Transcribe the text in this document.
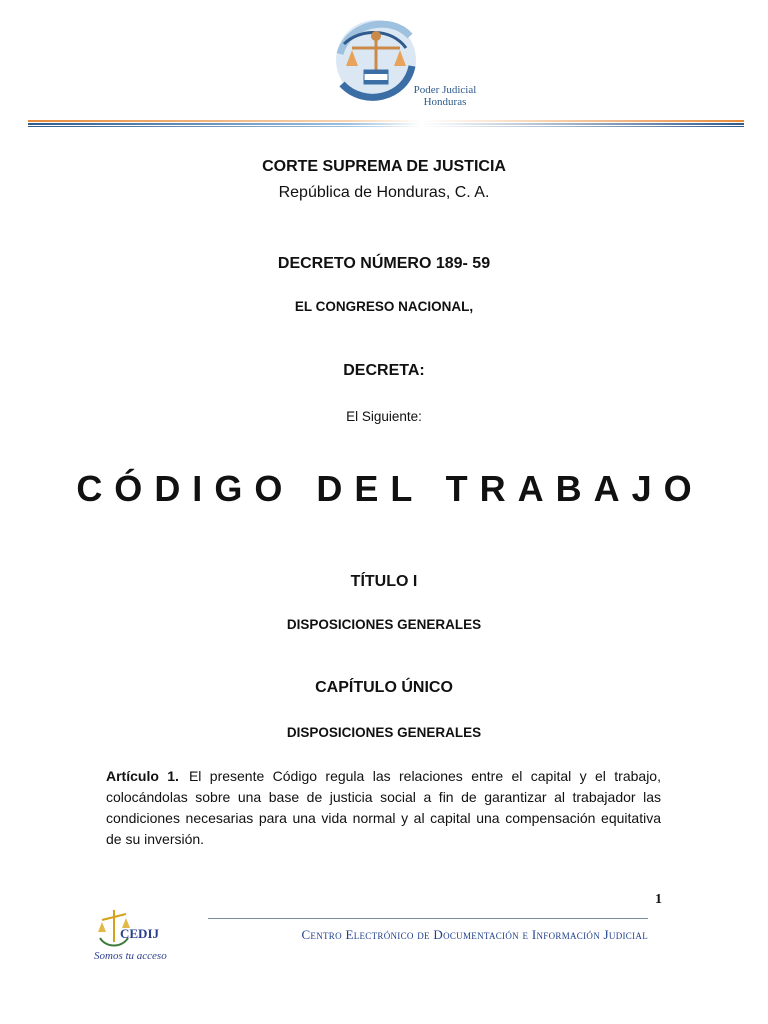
Poder Judicial
Honduras
CORTE SUPREMA DE JUSTICIA
República de Honduras, C. A.
DECRETO NÚMERO 189- 59
EL CONGRESO NACIONAL,
DECRETA:
El Siguiente:
CÓDIGO DEL TRABAJO
TÍTULO I
DISPOSICIONES GENERALES
CAPÍTULO ÚNICO
DISPOSICIONES GENERALES
Artículo 1. El presente Código regula las relaciones entre el capital y el trabajo, colocándolas sobre una base de justicia social a fin de garantizar al trabajador las condiciones necesarias para una vida normal y al capital una compensación equitativa de su inversión.
1
Centro Electrónico de Documentación e Información Judicial
CEDIJ
Somos tu acceso
